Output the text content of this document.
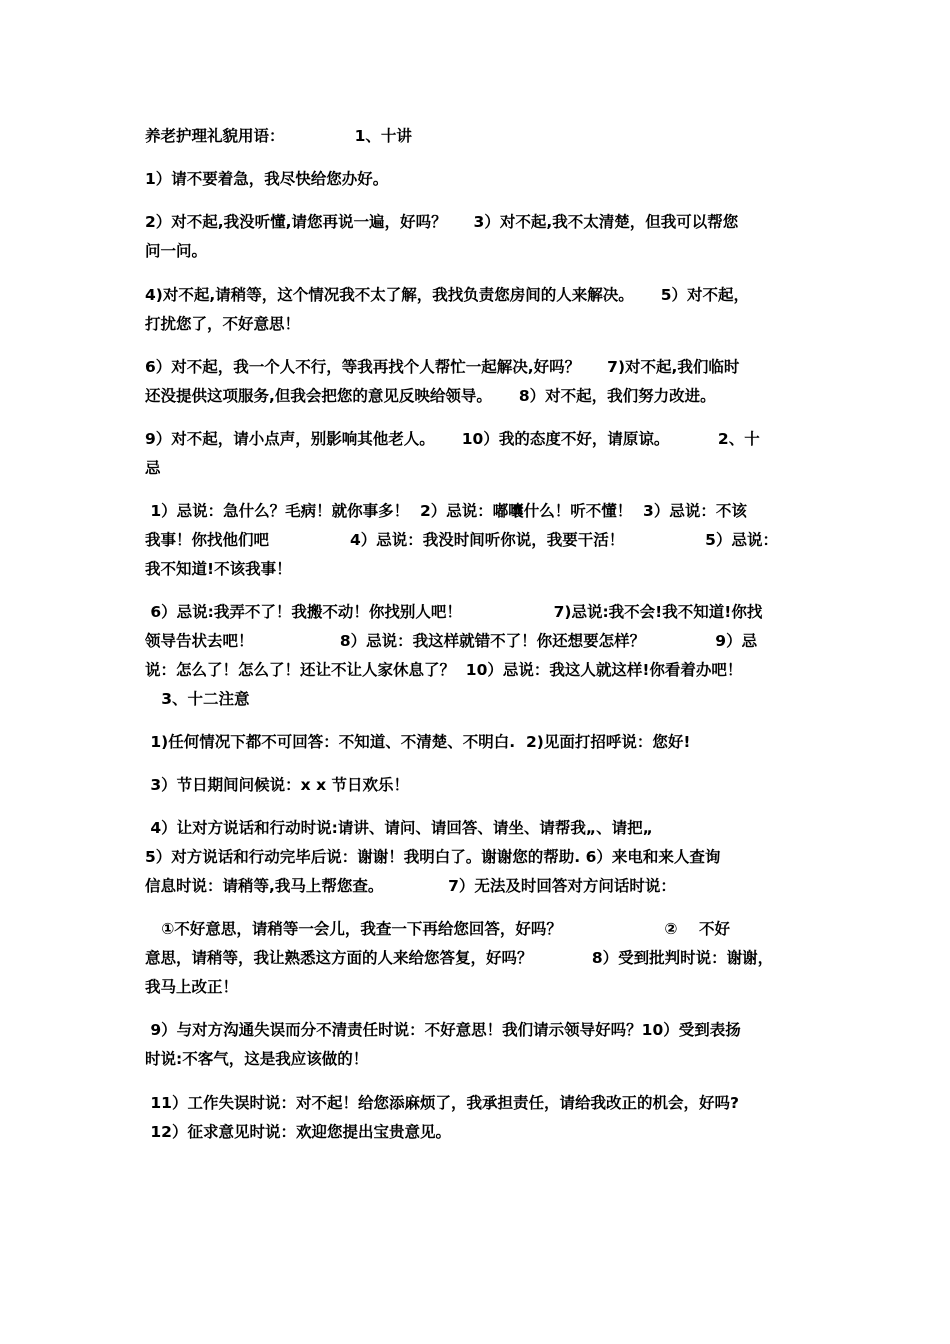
养老护理礼貌用语：             1、十讲
1）请不要着急，我尽快给您办好。
2）对不起,我没听懂,请您再说一遍，好吗？     3）对不起,我不太清楚，但我可以帮您
问一问。
4)对不起,请稍等，这个情况我不太了解，我找负责您房间的人来解决。     5）对不起，
打扰您了，不好意思！
6）对不起，我一个人不行，等我再找个人帮忙一起解决,好吗？     7)对不起,我们临时
还没提供这项服务,但我会把您的意见反映给领导。     8）对不起，我们努力改进。
9）对不起，请小点声，别影响其他老人。     10）我的态度不好，请原谅。         2、十
忌
1）忌说：急什么？毛病！就你事多！  2）忌说：嘟囔什么！听不懂！  3）忌说：不该
我事！你找他们吧               4）忌说：我没时间听你说，我要干活！               5）忌说：
我不知道!不该我事！
6）忌说:我弄不了！我搬不动！你找别人吧！                 7)忌说:我不会!我不知道!你找
领导告状去吧！                8）忌说：我这样就错不了！你还想要怎样？             9）忌
说：怎么了！怎么了！还让不让人家休息了？  10）忌说：我这人就这样!你看着办吧！
3、十二注意
1)任何情况下都不可回答：不知道、不清楚、不明白.  2)见面打招呼说：您好!
3）节日期间问候说：x x 节日欢乐！
4）让对方说话和行动时说:请讲、请问、请回答、请坐、请帮我„、请把„
5）对方说话和行动完毕后说：谢谢！我明白了。谢谢您的帮助. 6）来电和来人查询
信息时说：请稍等,我马上帮您查。            7）无法及时回答对方问话时说：
①不好意思，请稍等一会儿，我查一下再给您回答，好吗？                   ②    不好
意思，请稍等，我让熟悉这方面的人来给您答复，好吗？           8）受到批判时说：谢谢，
我马上改正！
9）与对方沟通失误而分不清责任时说：不好意思！我们请示领导好吗？10）受到表扬
时说:不客气，这是我应该做的！
11）工作失误时说：对不起！给您添麻烦了，我承担责任，请给我改正的机会，好吗?
12）征求意见时说：欢迎您提出宝贵意见。
